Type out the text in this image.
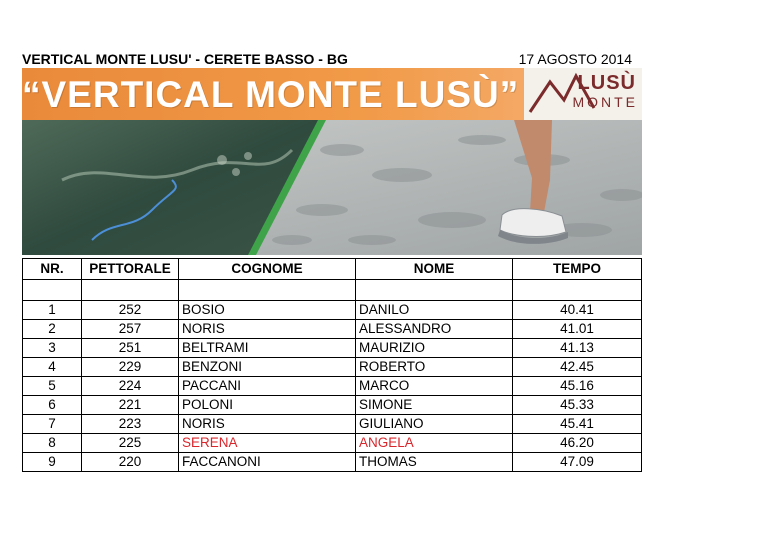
VERTICAL MONTE LUSU' - CERETE BASSO - BG	17 AGOSTO 2014
“VERTICAL MONTE LUSÙ”	LUSÙ
MONTE
NR.	PETTORALE	COGNOME	NOME	TEMPO

1	252	BOSIO	DANILO	40.41
2	257	NORIS	ALESSANDRO	41.01
3	251	BELTRAMI	MAURIZIO	41.13
4	229	BENZONI	ROBERTO	42.45
5	224	PACCANI	MARCO	45.16
6	221	POLONI	SIMONE	45.33
7	223	NORIS	GIULIANO	45.41
8	225	SERENA	ANGELA	46.20
9	220	FACCANONI	THOMAS	47.09
